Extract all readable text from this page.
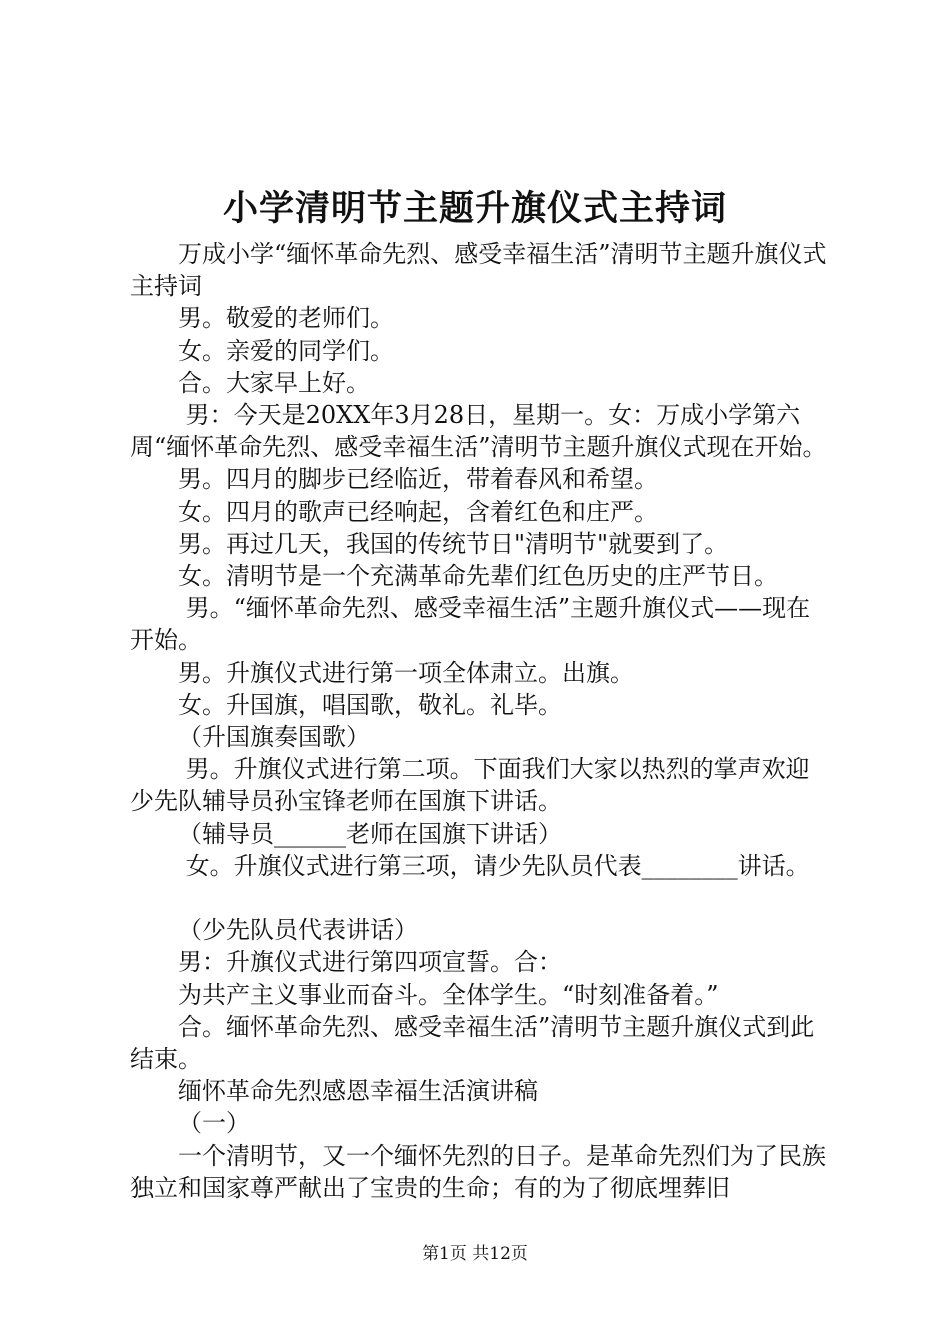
小学清明节主题升旗仪式主持词

万成小学“缅怀革命先烈、感受幸福生活”清明节主题升旗仪式主持词

男。敬爱的老师们。

女。亲爱的同学们。

合。大家早上好。

男：今天是20XX年3月28日，星期一。女：万成小学第六周“缅怀革命先烈、感受幸福生活”清明节主题升旗仪式现在开始。

男。四月的脚步已经临近，带着春风和希望。

女。四月的歌声已经响起，含着红色和庄严。

男。再过几天，我国的传统节日"清明节"就要到了。

女。清明节是一个充满革命先辈们红色历史的庄严节日。

男。“缅怀革命先烈、感受幸福生活”主题升旗仪式——现在开始。

男。升旗仪式进行第一项全体肃立。出旗。

女。升国旗，唱国歌，敬礼。礼毕。

（升国旗奏国歌）

男。升旗仪式进行第二项。下面我们大家以热烈的掌声欢迎少先队辅导员孙宝锋老师在国旗下讲话。

（辅导员______老师在国旗下讲话）

女。升旗仪式进行第三项，请少先队员代表________讲话。

（少先队员代表讲话）

男：升旗仪式进行第四项宣誓。合：

为共产主义事业而奋斗。全体学生。“时刻准备着。”

合。缅怀革命先烈、感受幸福生活”清明节主题升旗仪式到此结束。

缅怀革命先烈感恩幸福生活演讲稿

（一）

一个清明节，又一个缅怀先烈的日子。是革命先烈们为了民族独立和国家尊严献出了宝贵的生命；有的为了彻底埋葬旧

第1页 共12页
